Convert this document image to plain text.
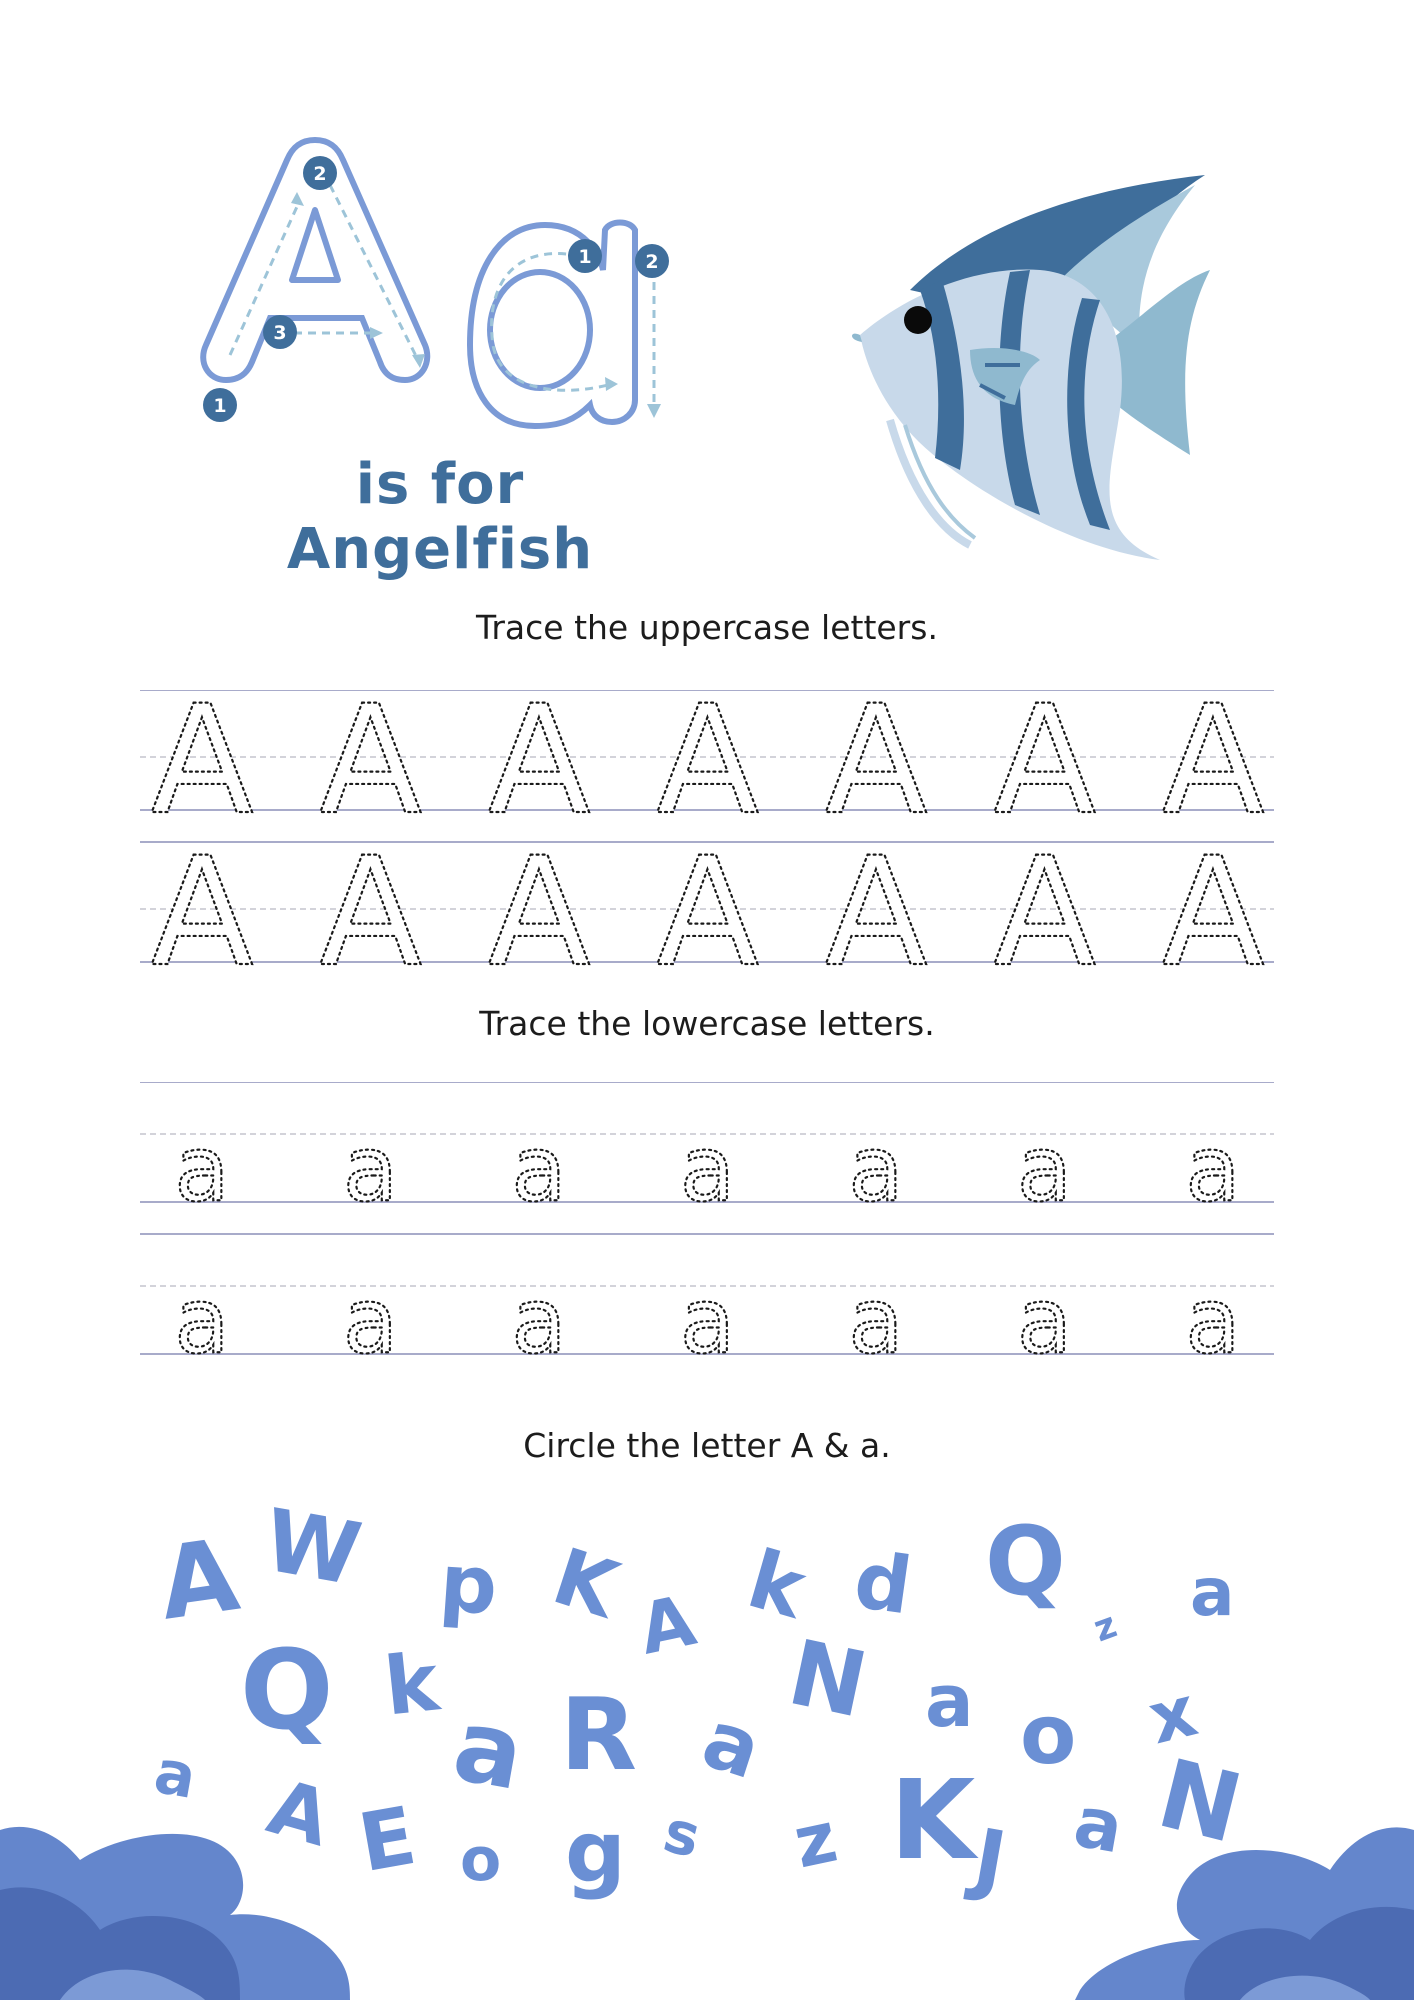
1
2
3
1	2
is for Angelfish
Trace the uppercase letters.
A A A A A A A
A A A A A A A
Trace the lowercase letters.
a a a a a a a
a a a a a a a
Circle the letter A & a.
A W p K A k d Q
z a
Q k
a R a
N a o x
a A E o g s z K
J a N
